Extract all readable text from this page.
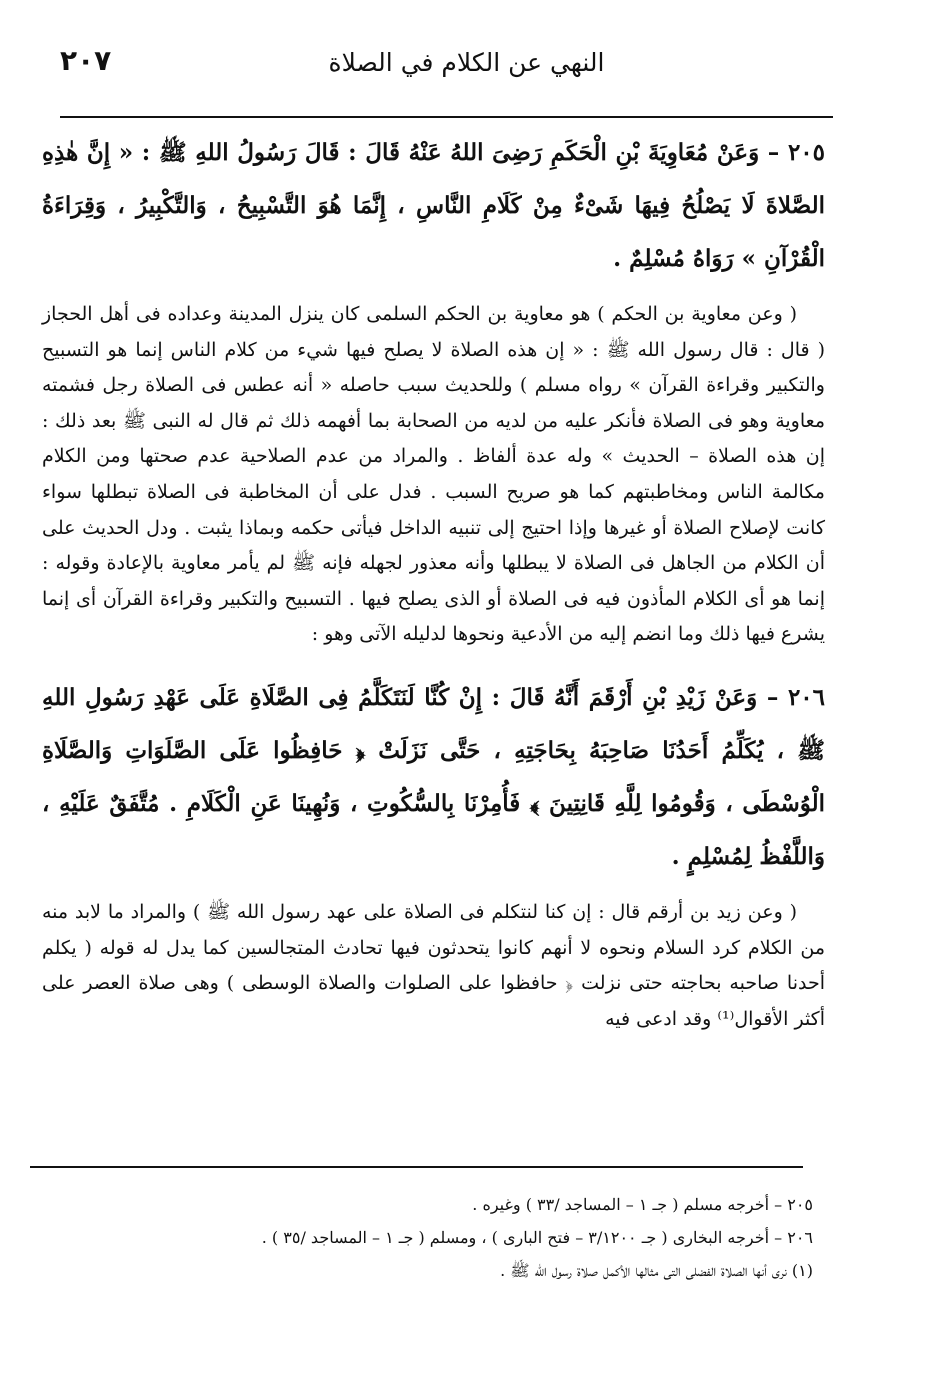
٢٠٧	النهي عن الكلام في الصلاة

٢٠٥ – وَعَنْ مُعَاوِيَةَ بْنِ الْحَكَمِ رَضِىَ اللهُ عَنْهُ قَالَ : قَالَ رَسُولُ اللهِ ﷺ : « إِنَّ هٰذِهِ الصَّلاةَ لَا يَصْلُحُ فِيهَا شَىْءٌ مِنْ كَلَامِ النَّاسِ ، إِنَّمَا هُوَ التَّسْبِيحُ ، وَالتَّكْبِيرُ ، وَقِرَاءَةُ الْقُرْآنِ » رَوَاهُ مُسْلِمٌ .

( وعن معاوية بن الحكم ) هو معاوية بن الحكم السلمى كان ينزل المدينة وعداده فى أهل الحجاز ( قال : قال رسول الله ﷺ : « إن هذه الصلاة لا يصلح فيها شيء من كلام الناس إنما هو التسبيح والتكبير وقراءة القرآن » رواه مسلم ) وللحديث سبب حاصله « أنه عطس فى الصلاة رجل فشمته معاوية وهو فى الصلاة فأنكر عليه من لديه من الصحابة بما أفهمه ذلك ثم قال له النبى ﷺ بعد ذلك : إن هذه الصلاة – الحديث » وله عدة ألفاظ . والمراد من عدم الصلاحية عدم صحتها ومن الكلام مكالمة الناس ومخاطبتهم كما هو صريح السبب . فدل على أن المخاطبة فى الصلاة تبطلها سواء كانت لإصلاح الصلاة أو غيرها وإذا احتيج إلى تنبيه الداخل فيأتى حكمه وبماذا يثبت . ودل الحديث على أن الكلام من الجاهل فى الصلاة لا يبطلها وأنه معذور لجهله فإنه ﷺ لم يأمر معاوية بالإعادة وقوله : إنما هو أى الكلام المأذون فيه فى الصلاة أو الذى يصلح فيها . التسبيح والتكبير وقراءة القرآن أى إنما يشرع فيها ذلك وما انضم إليه من الأدعية ونحوها لدليله الآتى وهو :

٢٠٦ – وَعَنْ زَيْدِ بْنِ أَرْقَمَ أَنَّهُ قَالَ : إِنْ كُنَّا لَنَتَكَلَّمُ فِى الصَّلَاةِ عَلَى عَهْدِ رَسُولِ اللهِ ﷺ ، يُكَلِّمُ أَحَدُنَا صَاحِبَهُ بِحَاجَتِهِ ، حَتَّى نَزَلَتْ ﴿ حَافِظُوا عَلَى الصَّلَوَاتِ وَالصَّلَاةِ الْوُسْطَى ، وَقُومُوا لِلَّهِ قَانِتِينَ ﴾ فَأُمِرْنَا بِالسُّكُوتِ ، وَنُهِينَا عَنِ الْكَلَامِ . مُتَّفَقٌ عَلَيْهِ ، وَاللَّفْظُ لِمُسْلِمٍ .

( وعن زيد بن أرقم قال : إن كنا لنتكلم فى الصلاة على عهد رسول الله ﷺ ) والمراد ما لابد منه من الكلام كرد السلام ونحوه لا أنهم كانوا يتحدثون فيها تحادث المتجالسين كما يدل له قوله ( يكلم أحدنا صاحبه بحاجته حتى نزلت ﴿ حافظوا على الصلوات والصلاة الوسطى ) وهى صلاة العصر على أكثر الأقوال⁽¹⁾ وقد ادعى فيه

٢٠٥ – أخرجه مسلم ( جـ ١ – المساجد /٣٣ ) وغيره .

٢٠٦ – أخرجه البخارى ( جـ ٣/١٢٠٠ – فتح البارى ) ، ومسلم ( جـ ١ – المساجد /٣٥ ) .

(١) نرى أنها الصلاة الفضلى التى مثالها الأكمل صلاة رسول الله ﷺ .
